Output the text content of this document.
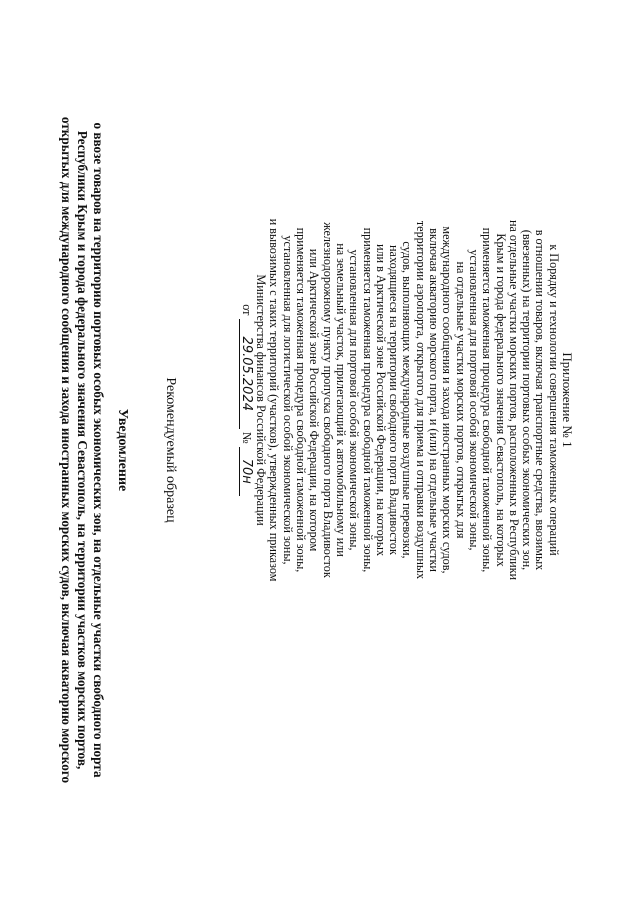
Приложение № 1
к Порядку и технологии совершения таможенных операций
в отношении товаров, включая транспортные средства, ввозимых
(ввезенных) на территории портовых особых экономических зон,
на отдельные участки морских портов, расположенных в Республики
Крым и города федерального значения Севастополь, на которых
применяется таможенная процедура свободной таможенной зоны,
установленная для портовой особой экономической зоны,
на отдельные участки морских портов, открытых для
международного сообщения и захода иностранных морских судов,
включая акваторию морского порта, и (или) на отдельные участки
территории аэропорта, открытого для приема и отправки воздушных
судов, выполняющих международные воздушные перевозки,
находящиеся на территории свободного порта Владивосток
или в Арктической зоне Российской Федерации, на которых
применяется таможенная процедура свободной таможенной зоны,
установленная для портовой особой экономической зоны,
на земельный участок, прилегающий к автомобильному или
железнодорожному пункту пропуска свободного порта Владивосток
или Арктической зоне Российской Федерации, на котором
применяется таможенная процедура свободной таможенной зоны,
установленная для логистической особой экономической зоны,
и вывозимых с таких территорий (участков), утвержденных приказом
Министерства финансов Российской Федерации
от 29.05.2024 № 70н
Рекомендуемый образец
Уведомление
о ввозе товаров на территорию портовых особых экономических зон, на отдельные участки свободного порта
Республики Крым и города федерального значения Севастополь, на территории участков морских портов,
открытых для международного сообщения и захода иностранных морских судов, включая акваторию морского
